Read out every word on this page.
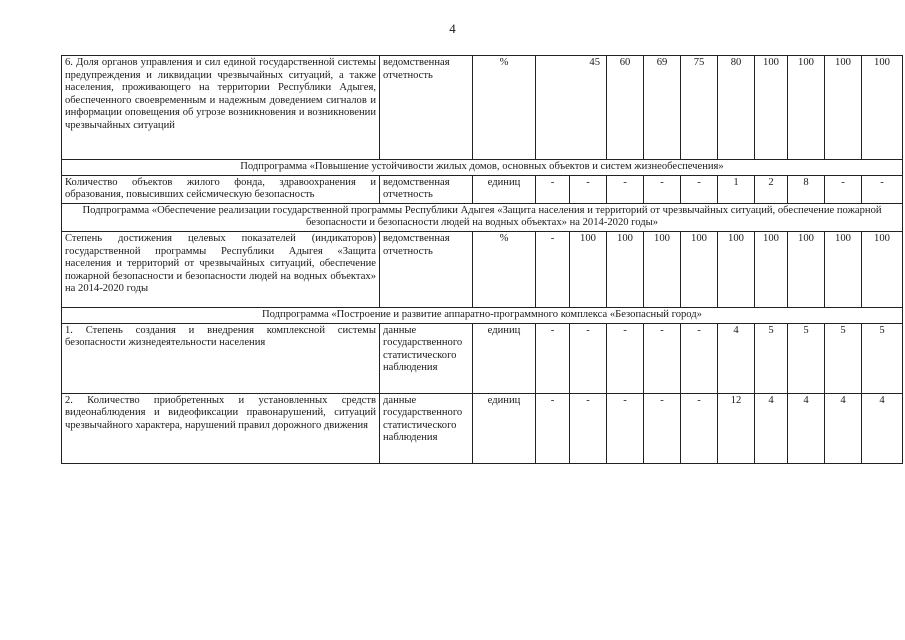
4
6. Доля органов управления и сил единой государственной системы предупреждения и ликвидации чрезвычайных ситуаций, а также населения, проживающего на территории Республики Адыгея, обеспеченного своевременным и надежным доведением сигналов и информации оповещения об угрозе возникновения и возникновении чрезвычайных ситуаций	ведомственная отчетность	%	45		60	69	75	80	100	100	100	100
Подпрограмма «Повышение устойчивости жилых домов, основных объектов и систем жизнеобеспечения»												
Количество объектов жилого фонда, здравоохранения и образования, повысивших сейсмическую безопасность	ведомственная отчетность	единиц	-	-	-	-	-	1	2	8	-	-
Подпрограмма «Обеспечение реализации государственной программы Республики Адыгея «Защита населения и территорий от чрезвычайных ситуаций, обеспечение пожарной безопасности и безопасности людей на водных объектах» на 2014-2020 годы»												
Степень достижения целевых показателей (индикаторов) государственной программы Республики Адыгея «Защита населения и территорий от чрезвычайных ситуаций, обеспечение пожарной безопасности и безопасности людей на водных объектах» на 2014-2020 годы	ведомственная отчетность	%	-	100	100	100	100	100	100	100	100	100
Подпрограмма «Построение и развитие аппаратно-программного комплекса «Безопасный город»												
1. Степень создания и внедрения комплексной системы безопасности жизнедеятельности населения	данные государственного статистического наблюдения	единиц	-	-	-	-	-	4	5	5	5	5
2. Количество приобретенных и установленных средств видеонаблюдения и видеофиксации правонарушений, ситуаций чрезвычайного характера, нарушений правил дорожного движения	данные государственного статистического наблюдения	единиц	-	-	-	-	-	12	4	4	4	4
